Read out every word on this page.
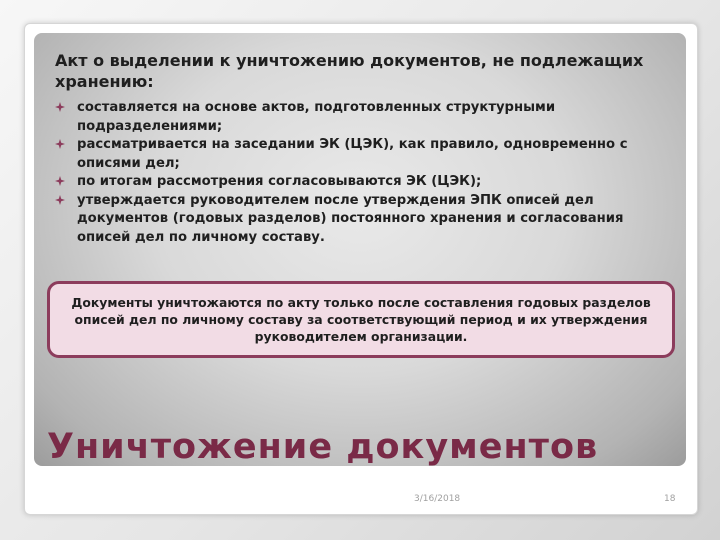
Акт о выделении к уничтожению документов, не подлежащих хранению:

составляется на основе актов, подготовленных структурными подразделениями;
рассматривается на заседании ЭК (ЦЭК), как правило, одновременно с описями дел;
по итогам рассмотрения согласовываются ЭК (ЦЭК);
утверждается руководителем после утверждения ЭПК описей дел документов (годовых разделов) постоянного хранения и согласования описей дел по личному составу.

Документы уничтожаются по акту только после составления годовых разделов описей дел по личному составу за соответствующий период и их утверждения руководителем организации.

Уничтожение документов
3/16/2018	18
